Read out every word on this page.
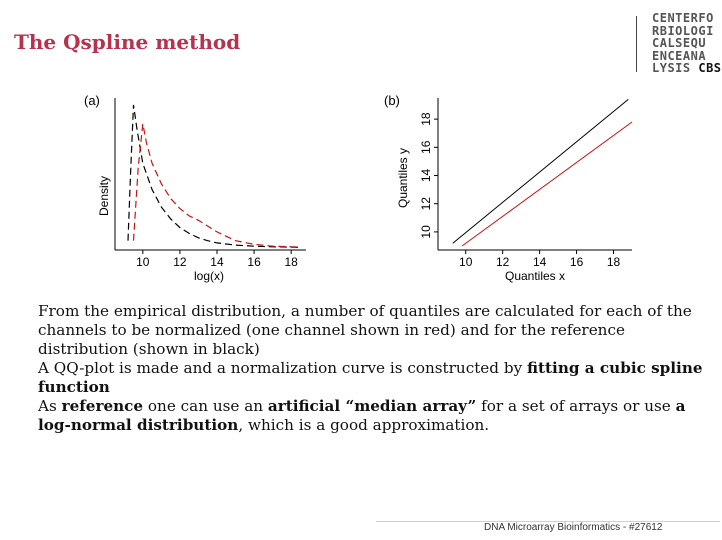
The Qspline method
CENTERFO
RBIOLOGI
CALSEQU
ENCEANA
LYSIS CBS
(a)
Density
10 12 14 16 18
log(x)
(b)
Quantiles y
10 12 14 16 18
10
12
14
16
18
Quantiles x

From the empirical distribution, a number of quantiles are calculated for each of the channels to be normalized (one channel shown in red) and for the reference distribution (shown in black)

A QQ-plot is made and a normalization curve is constructed by fitting a cubic spline function

As reference one can use an artificial “median array” for a set of arrays or use a log-normal distribution, which is a good approximation.

DNA Microarray Bioinformatics - #27612
